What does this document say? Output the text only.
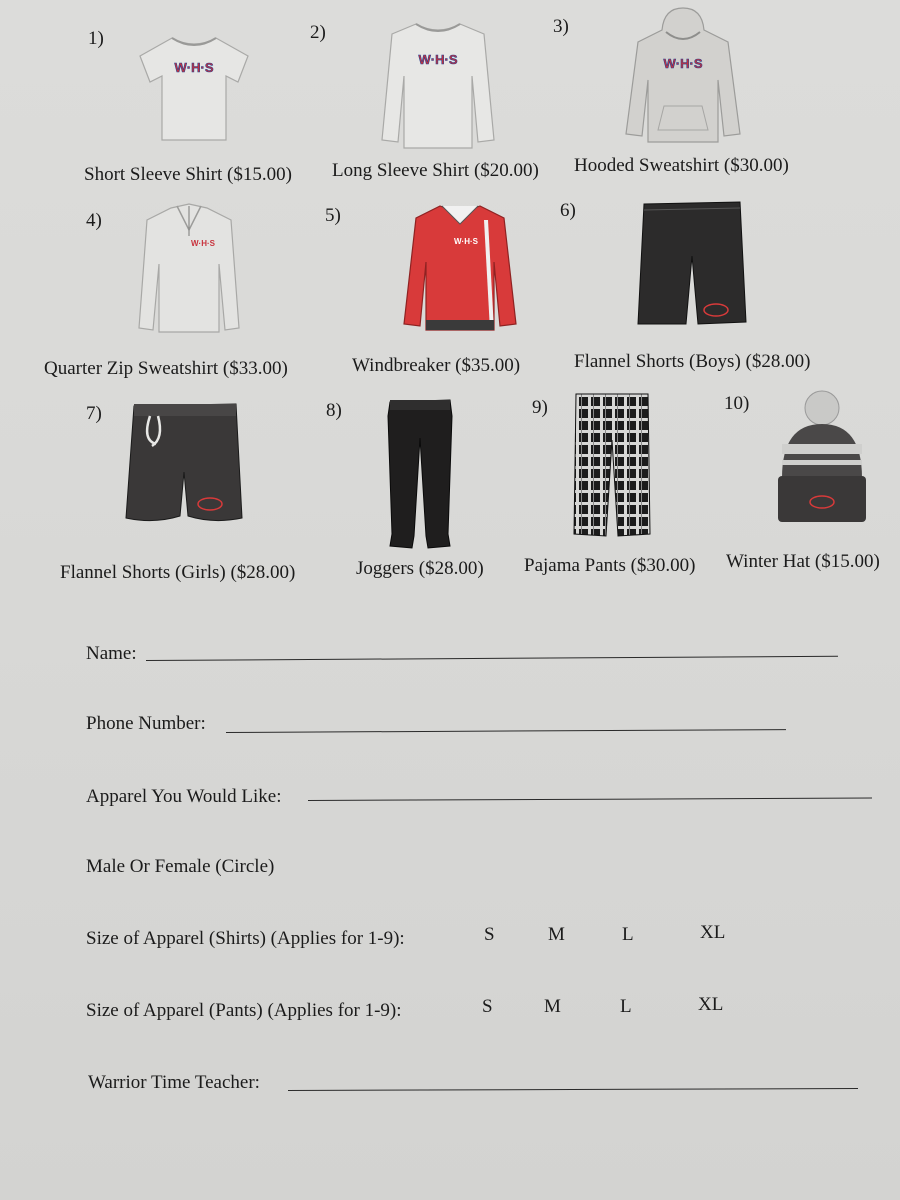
1)	2)	3)
W·H·S
W·H·S	W·H·S
Short Sleeve Shirt ($15.00) Long Sleeve Shirt ($20.00) Hooded Sweatshirt ($30.00)
4)	5)	6)
W·H·S	W·H·S
Quarter Zip Sweatshirt ($33.00)	Windbreaker ($35.00)	Flannel Shorts (Boys) ($28.00)
7)	8)	9)	10)
Flannel Shorts (Girls) ($28.00)	Joggers ($28.00) Pajama Pants ($30.00) Winter Hat ($15.00)
Name:
Phone Number:
Apparel You Would Like:
Male Or Female (Circle)
Size of Apparel (Shirts) (Applies for 1-9):	S	M	L	XL
Size of Apparel (Pants) (Applies for 1-9):	S	M	L	XL
Warrior Time Teacher:
